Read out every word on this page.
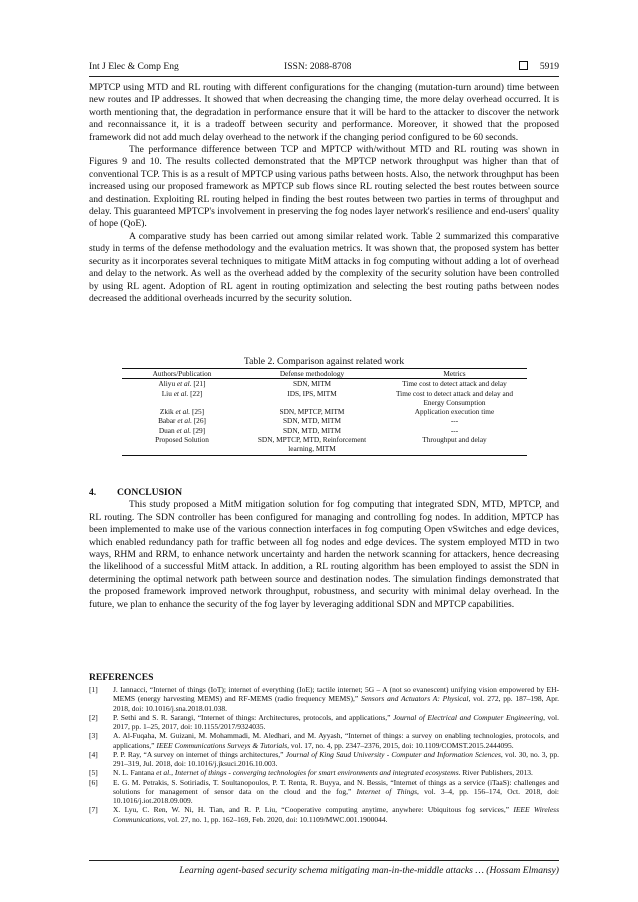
Int J Elec & Comp Eng	ISSN: 2088-8708	5919

MPTCP using MTD and RL routing with different configurations for the changing (mutation-turn around) time between new routes and IP addresses. It showed that when decreasing the changing time, the more delay overhead occurred. It is worth mentioning that, the degradation in performance ensure that it will be hard to the attacker to discover the network and reconnaissance it, it is a tradeoff between security and performance. Moreover, it showed that the proposed framework did not add much delay overhead to the network if the changing period configured to be 60 seconds.

The performance difference between TCP and MPTCP with/without MTD and RL routing was shown in Figures 9 and 10. The results collected demonstrated that the MPTCP network throughput was higher than that of conventional TCP. This is as a result of MPTCP using various paths between hosts. Also, the network throughput has been increased using our proposed framework as MPTCP sub flows since RL routing selected the best routes between source and destination. Exploiting RL routing helped in finding the best routes between two parties in terms of throughput and delay. This guaranteed MPTCP's involvement in preserving the fog nodes layer network's resilience and end-users' quality of hope (QoE).

A comparative study has been carried out among similar related work. Table 2 summarized this comparative study in terms of the defense methodology and the evaluation metrics. It was shown that, the proposed system has better security as it incorporates several techniques to mitigate MitM attacks in fog computing without adding a lot of overhead and delay to the network. As well as the overhead added by the complexity of the security solution have been controlled by using RL agent. Adoption of RL agent in routing optimization and selecting the best routing paths between nodes decreased the additional overheads incurred by the security solution.

Table 2. Comparison against related work
Authors/Publication	Defense methodology	Metrics
Aliyu et al. [21]	SDN, MITM	Time cost to detect attack and delay
Liu et al. [22]	IDS, IPS, MITM	Time cost to detect attack and delay and Energy Consumption
Zkik et al. [25]	SDN, MPTCP, MITM	Application execution time
Babar et al. [26]	SDN, MTD, MITM	---
Duan et al. [29]	SDN, MTD, MITM	---
Proposed Solution	SDN, MPTCP, MTD, Reinforcement learning, MITM	Throughput and delay

4. CONCLUSION

This study proposed a MitM mitigation solution for fog computing that integrated SDN, MTD, MPTCP, and RL routing. The SDN controller has been configured for managing and controlling fog nodes. In addition, MPTCP has been implemented to make use of the various connection interfaces in fog computing Open vSwitches and edge devices, which enabled redundancy path for traffic between all fog nodes and edge devices. The system employed MTD in two ways, RHM and RRM, to enhance network uncertainty and harden the network scanning for attackers, hence decreasing the likelihood of a successful MitM attack. In addition, a RL routing algorithm has been employed to assist the SDN in determining the optimal network path between source and destination nodes. The simulation findings demonstrated that the proposed framework improved network throughput, robustness, and security with minimal delay overhead. In the future, we plan to enhance the security of the fog layer by leveraging additional SDN and MPTCP capabilities.

REFERENCES

[1] J. Iannacci, “Internet of things (IoT); internet of everything (IoE); tactile internet; 5G – A (not so evanescent) unifying vision empowered by EH-MEMS (energy harvesting MEMS) and RF-MEMS (radio frequency MEMS),” Sensors and Actuators A: Physical, vol. 272, pp. 187–198, Apr. 2018, doi: 10.1016/j.sna.2018.01.038.

[2] P. Sethi and S. R. Sarangi, “Internet of things: Architectures, protocols, and applications,” Journal of Electrical and Computer Engineering, vol. 2017, pp. 1–25, 2017, doi: 10.1155/2017/9324035.

[3] A. Al-Fuqaha, M. Guizani, M. Mohammadi, M. Aledhari, and M. Ayyash, “Internet of things: a survey on enabling technologies, protocols, and applications,” IEEE Communications Surveys & Tutorials, vol. 17, no. 4, pp. 2347–2376, 2015, doi: 10.1109/COMST.2015.2444095.

[4] P. P. Ray, “A survey on internet of things architectures,” Journal of King Saud University - Computer and Information Sciences, vol. 30, no. 3, pp. 291–319, Jul. 2018, doi: 10.1016/j.jksuci.2016.10.003.

[5] N. L. Fantana et al., Internet of things - converging technologies for smart environments and integrated ecosystems. River Publishers, 2013.

[6] E. G. M. Petrakis, S. Sotiriadis, T. Soultanopoulos, P. T. Renta, R. Buyya, and N. Bessis, “Internet of things as a service (iTaaS): challenges and solutions for management of sensor data on the cloud and the fog,” Internet of Things, vol. 3–4, pp. 156–174, Oct. 2018, doi: 10.1016/j.iot.2018.09.009.

[7] X. Lyu, C. Ren, W. Ni, H. Tian, and R. P. Liu, “Cooperative computing anytime, anywhere: Ubiquitous fog services,” IEEE Wireless Communications, vol. 27, no. 1, pp. 162–169, Feb. 2020, doi: 10.1109/MWC.001.1900044.

Learning agent-based security schema mitigating man-in-the-middle attacks … (Hossam Elmansy)
